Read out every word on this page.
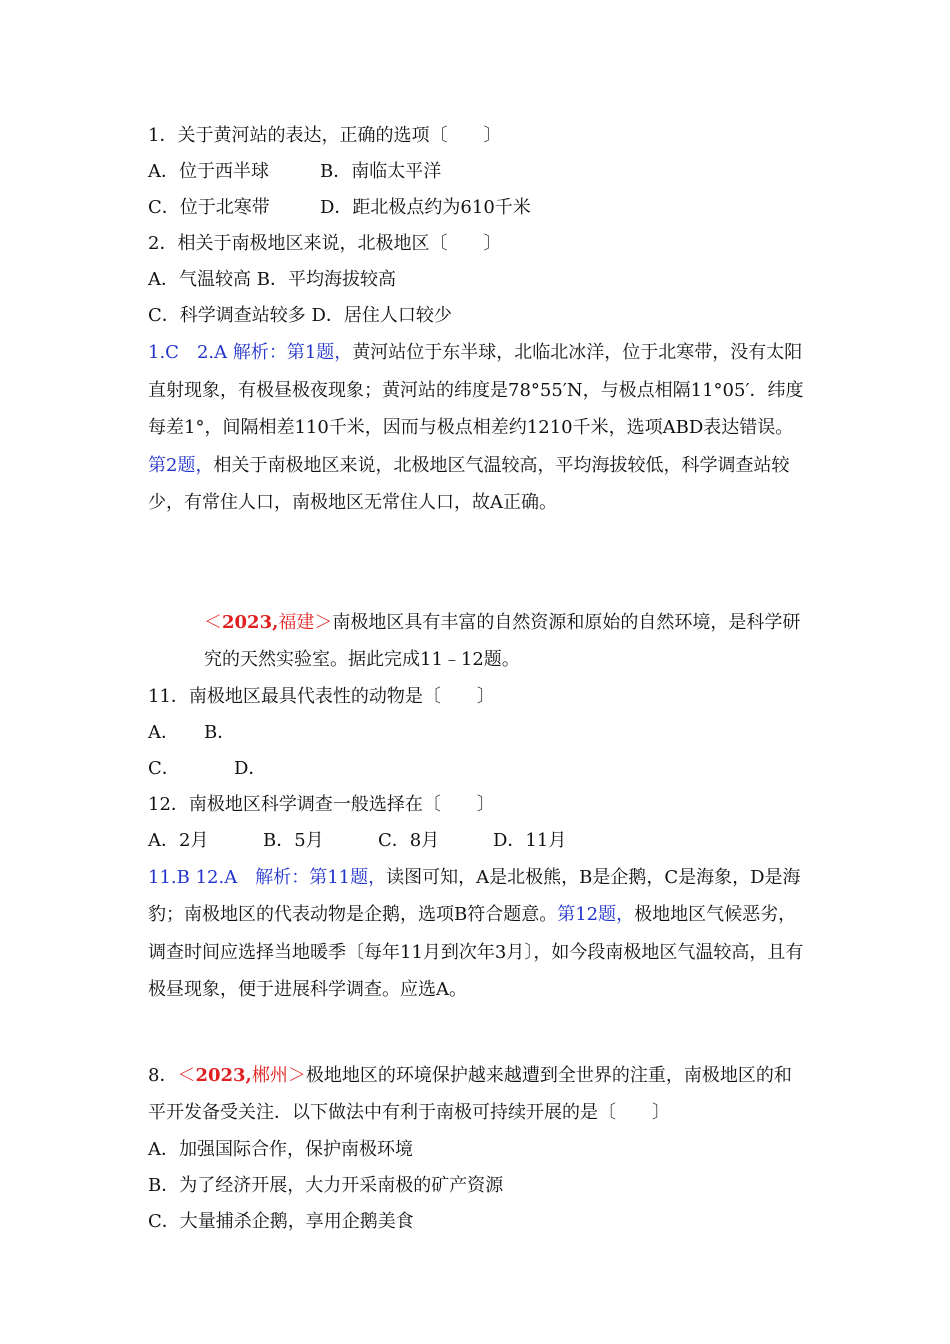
1．关于黄河站的表达，正确的选项〔　　〕
A．位于西半球	B．南临太平洋
C．位于北寒带	D．距北极点约为610千米
2．相关于南极地区来说，北极地区〔　　〕
A．气温较高 B．平均海拔较高
C．科学调查站较多 D．居住人口较少
1.C　2.A 解析：第1题，黄河站位于东半球，北临北冰洋，位于北寒带，没有太阳直射现象，有极昼极夜现象；黄河站的纬度是78°55′N，与极点相隔11°05′．纬度每差1°，间隔相差110千米，因而与极点相差约1210千米，选项ABD表达错误。第2题，相关于南极地区来说，北极地区气温较高，平均海拔较低，科学调查站较少，有常住人口，南极地区无常住人口，故A正确。
＜2023,福建＞南极地区具有丰富的自然资源和原始的自然环境，是科学研究的天然实验室。据此完成11﹣12题。
11．南极地区最具代表性的动物是〔　　〕
A． B．
C．	D．
12．南极地区科学调查一般选择在〔　　〕
A．2月	B．5月	C．8月	D．11月
11.B 12.A　解析：第11题，读图可知，A是北极熊，B是企鹅，C是海象，D是海豹；南极地区的代表动物是企鹅，选项B符合题意。第12题，极地地区气候恶劣，调查时间应选择当地暖季〔每年11月到次年3月〕，如今段南极地区气温较高，且有极昼现象，便于进展科学调查。应选A。
8．＜2023,郴州＞极地地区的环境保护越来越遭到全世界的注重，南极地区的和平开发备受关注．以下做法中有利于南极可持续开展的是〔　　〕
A．加强国际合作，保护南极环境
B．为了经济开展，大力开采南极的矿产资源
C．大量捕杀企鹅，享用企鹅美食
